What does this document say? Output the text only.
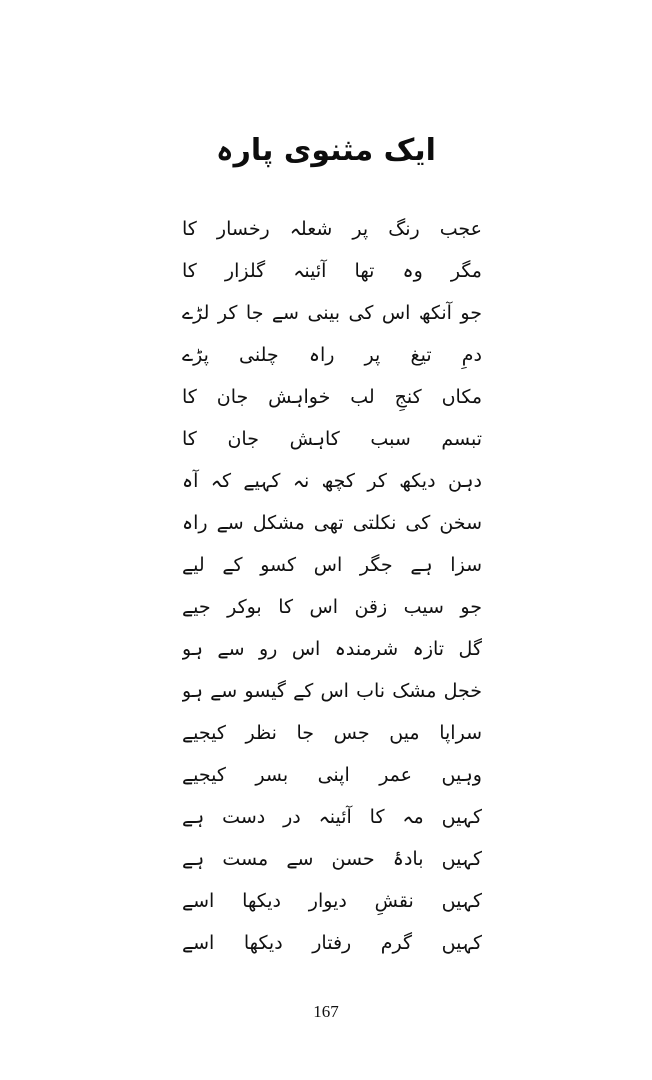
ایک مثنوی پارہ
عجب رنگ پر شعلہ رخسار کا
مگر وہ تھا آئینہ گلزار کا
جو آنکھ اس کی بینی سے جا کر لڑے
دمِ تیغ پر راہ چلنی پڑے
مکاں کنجِ لب خواہش جان کا
تبسم سبب کاہش جان کا
دہن دیکھ کر کچھ نہ کہیے کہ آہ
سخن کی نکلتی تھی مشکل سے راہ
سزا ہے جگر اس کسو کے لیے
جو سیب زقن اس کا بوکر جیے
گل تازہ شرمندہ اس رو سے ہو
خجل مشک ناب اس کے گیسو سے ہو
سراپا میں جس جا نظر کیجیے
وہیں عمر اپنی بسر کیجیے
کہیں مہ کا آئینہ در دست ہے
کہیں بادۂ حسن سے مست ہے
کہیں نقشِ دیوار دیکھا اسے
کہیں گرم رفتار دیکھا اسے
167
